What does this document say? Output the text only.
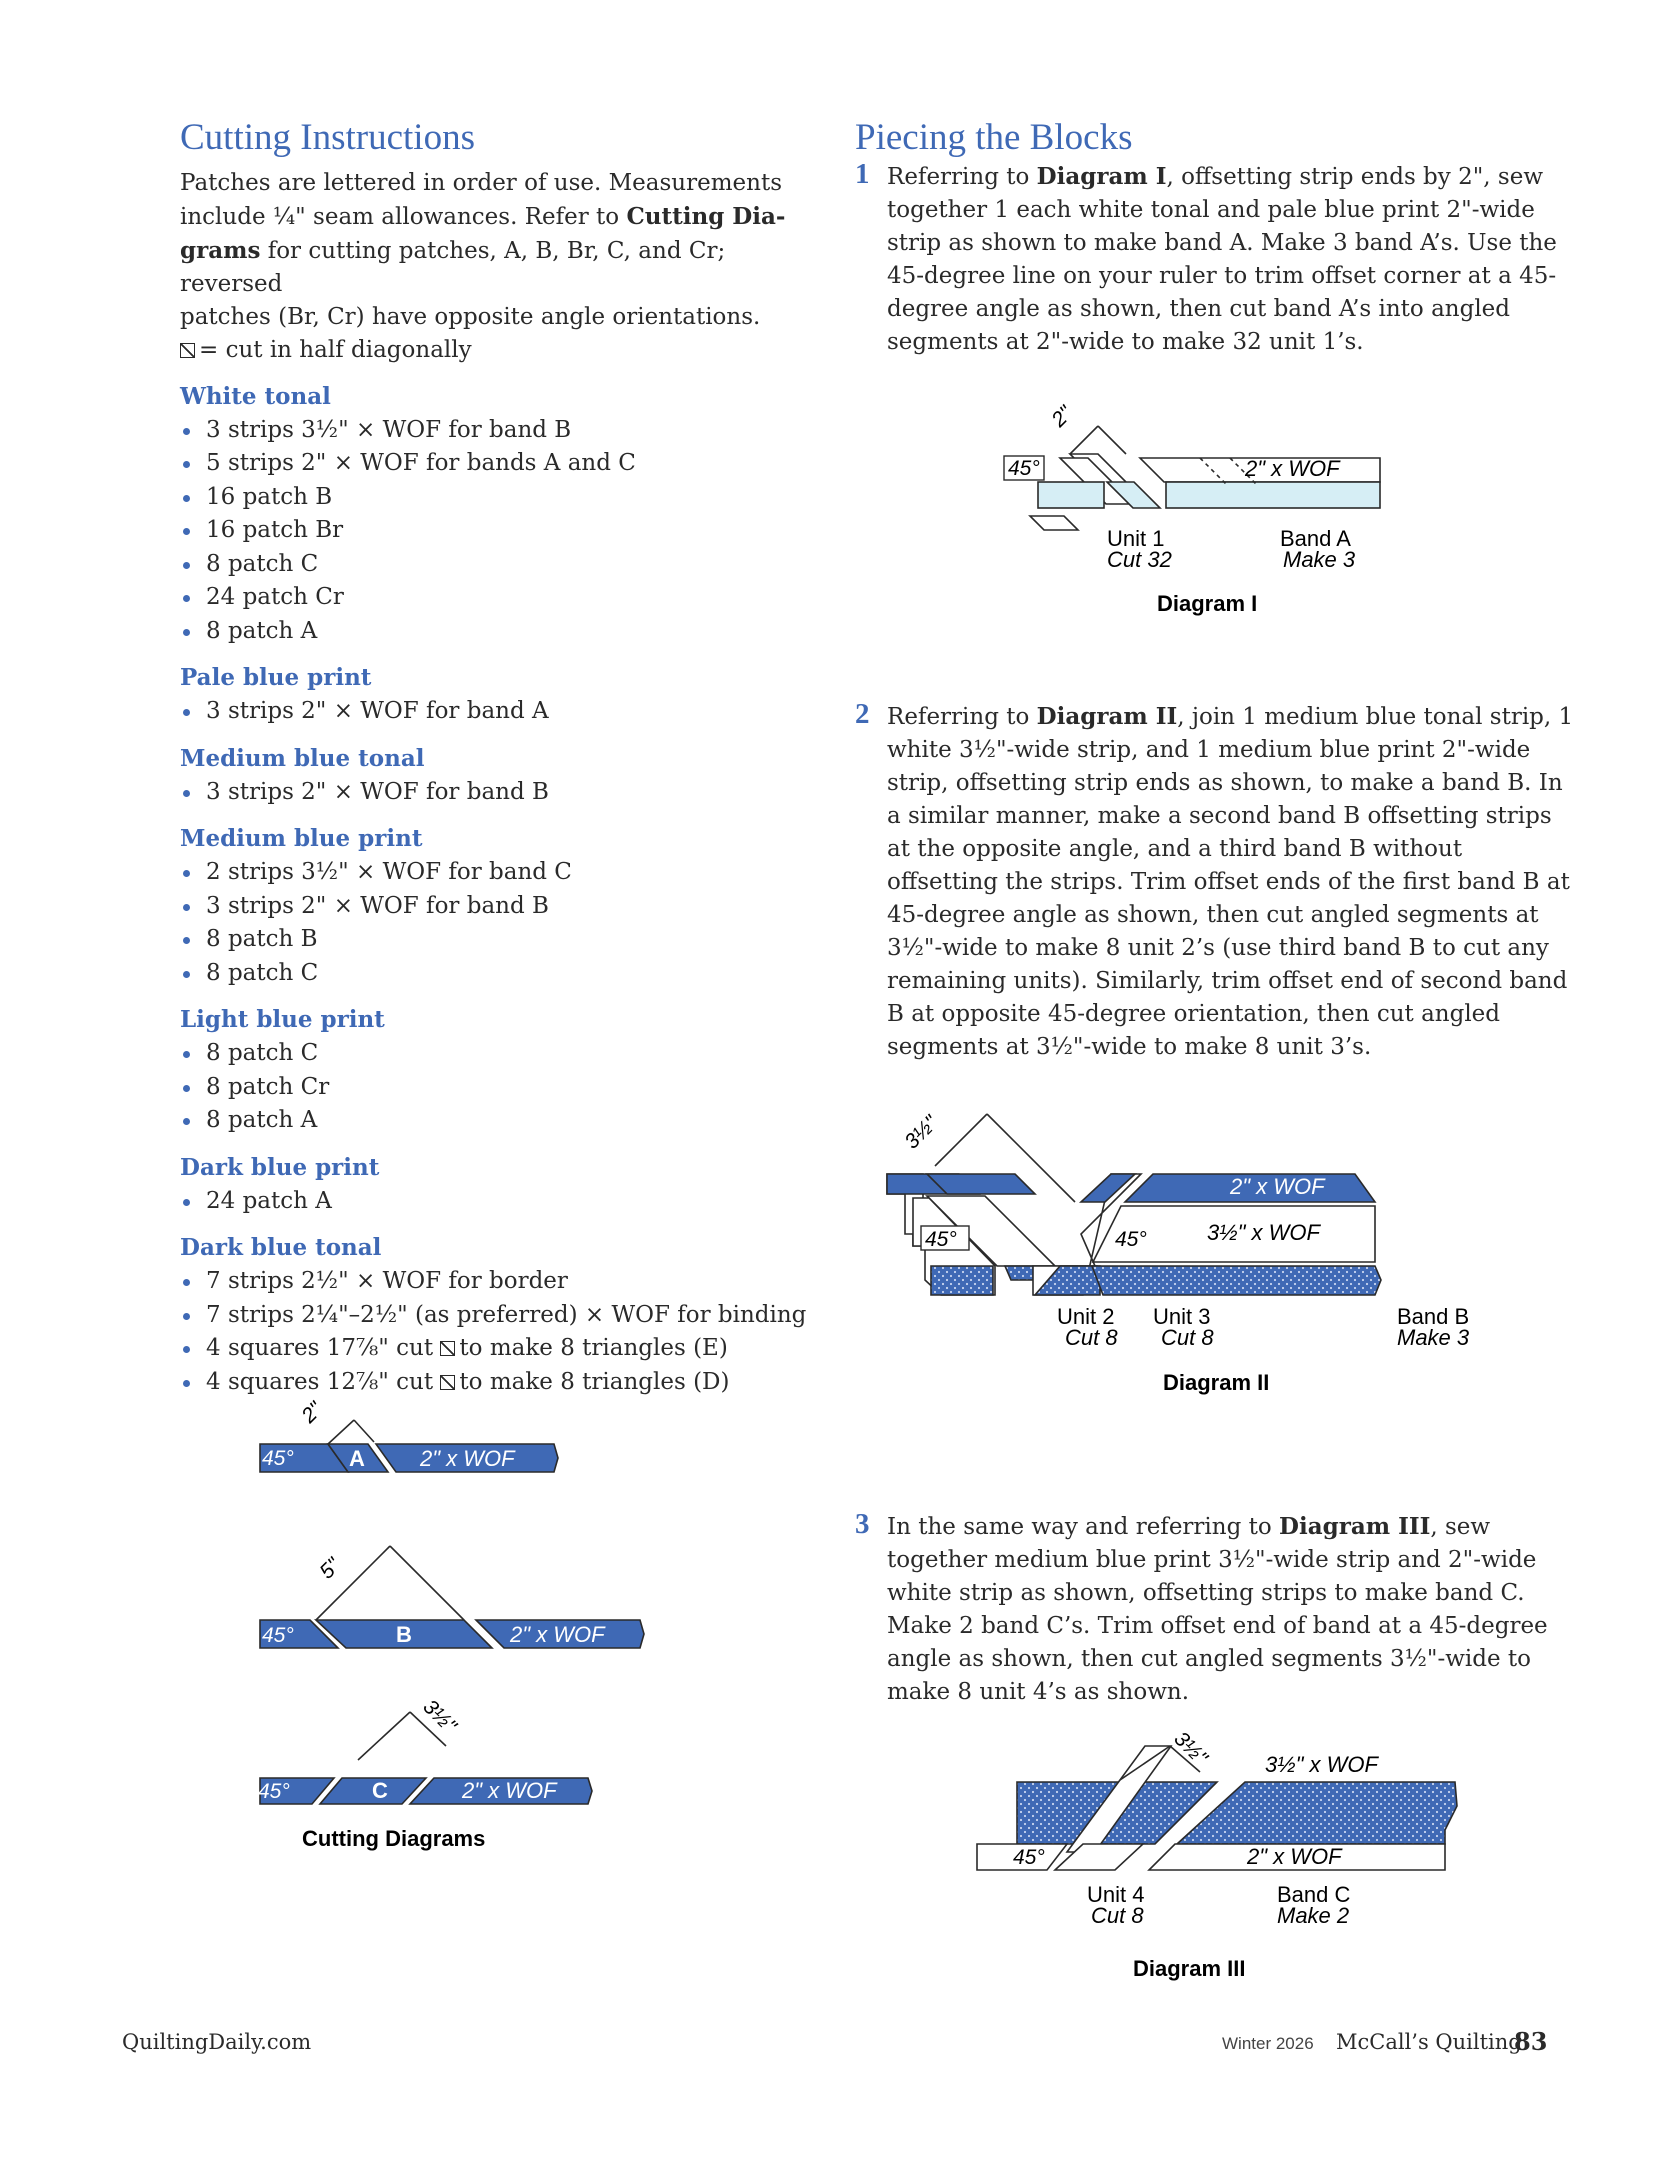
Cutting Instructions

Patches are lettered in order of use. Measurements
include ¼" seam allowances. Refer to Cutting Dia-
grams for cutting patches, A, B, Br, C, and Cr; reversed
patches (Br, Cr) have opposite angle orientations.
= cut in half diagonally

White tonal
3 strips 3½" × WOF for band B
5 strips 2" × WOF for bands A and C
16 patch B
16 patch Br
8 patch C
24 patch Cr
8 patch A
Pale blue print
3 strips 2" × WOF for band A
Medium blue tonal
3 strips 2" × WOF for band B
Medium blue print
2 strips 3½" × WOF for band C
3 strips 2" × WOF for band B
8 patch B
8 patch C
Light blue print
8 patch C
8 patch Cr
8 patch A
Dark blue print
24 patch A
Dark blue tonal
7 strips 2½" × WOF for border
7 strips 2¼"–2½" (as preferred) × WOF for binding
4 squares 17⅞" cut to make 8 triangles (E)
4 squares 12⅞" cut to make 8 triangles (D)
Piecing the Blocks
1 Referring to Diagram I, offsetting strip ends by 2", sew together 1 each white tonal and pale blue print 2"-wide strip as shown to make band A. Make 3 band A’s. Use the 45-degree line on your ruler to trim offset corner at a 45-degree angle as shown, then cut band A’s into angled segments at 2"-wide to make 32 unit 1’s.

2 Referring to Diagram II, join 1 medium blue tonal strip, 1 white 3½"-wide strip, and 1 medium blue print 2"-wide strip, offsetting strip ends as shown, to make a band B. In a similar manner, make a second band B offsetting strips at the opposite angle, and a third band B without offsetting the strips. Trim offset ends of the first band B at 45-degree angle as shown, then cut angled segments at 3½"-wide to make 8 unit 2’s (use third band B to cut any remaining units). Similarly, trim offset end of second band B at opposite 45-degree orientation, then cut angled segments at 3½"-wide to make 8 unit 3’s.

3 In the same way and referring to Diagram III, sew together medium blue print 3½"-wide strip and 2"-wide white strip as shown, offsetting strips to make band C. Make 2 band C’s. Trim offset end of band at a 45-degree angle as shown, then cut angled segments 3½"-wide to make 8 unit 4’s as shown.

45°
2"
2" x WOF
Unit 1
Cut 32
Band A
Make 3
Diagram I
45°	45°
3½"
2" x WOF
3½" x WOF
Unit 2
Cut 8
Unit 3
Cut 8
Band B
Make 3
Diagram II
3½" 3½" x WOF
45°	2" x WOF
Unit 4
Cut 8
Band C
Make 2
Diagram III
2"
45°	A	2" x WOF
5"
45°	B	2" x WOF
3½"
45°	C	2" x WOF
Cutting Diagrams
QuiltingDaily.com	Winter 2026 McCall’s Quilting
83
